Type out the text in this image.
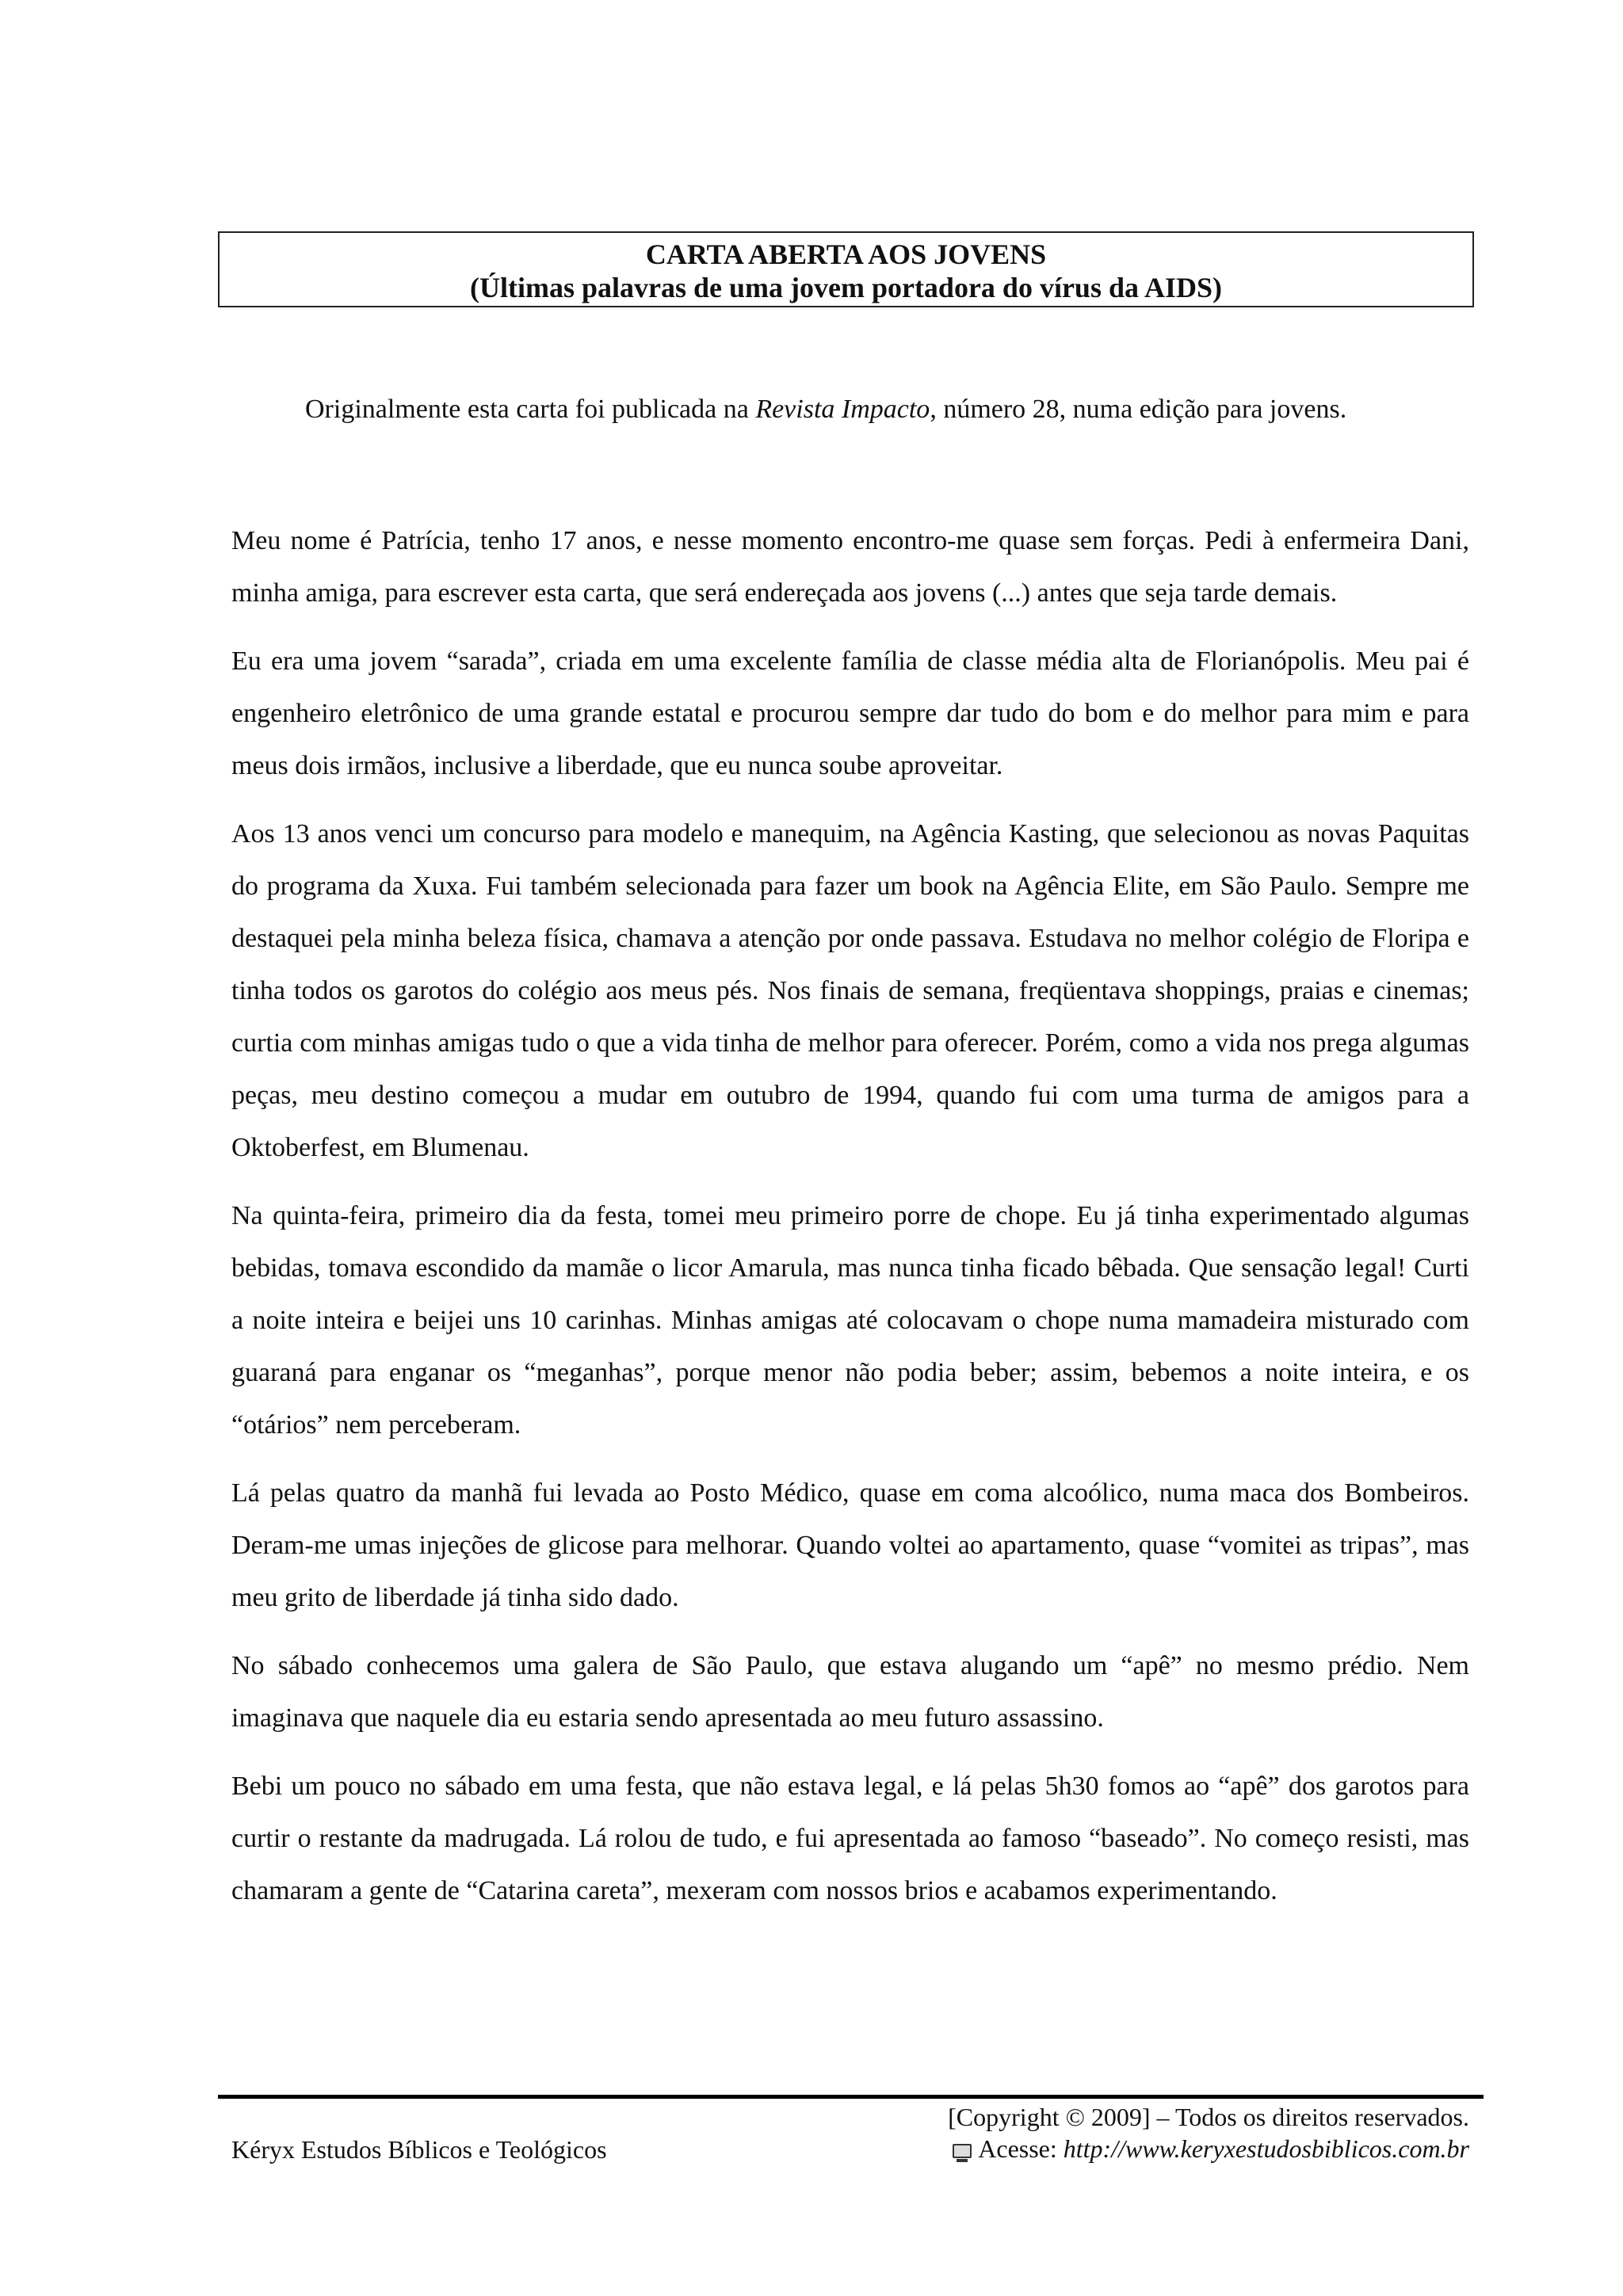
CARTA ABERTA AOS JOVENS

(Últimas palavras de uma jovem portadora do vírus da AIDS)

Originalmente esta carta foi publicada na Revista Impacto, número 28, numa edição para jovens.

Meu nome é Patrícia, tenho 17 anos, e nesse momento encontro-me quase sem forças. Pedi à enfermeira Dani, minha amiga, para escrever esta carta, que será endereçada aos jovens (...) antes que seja tarde demais.

Eu era uma jovem “sarada”, criada em uma excelente família de classe média alta de Florianópolis. Meu pai é engenheiro eletrônico de uma grande estatal e procurou sempre dar tudo do bom e do melhor para mim e para meus dois irmãos, inclusive a liberdade, que eu nunca soube aproveitar.

Aos 13 anos venci um concurso para modelo e manequim, na Agência Kasting, que selecionou as novas Paquitas do programa da Xuxa. Fui também selecionada para fazer um book na Agência Elite, em São Paulo. Sempre me destaquei pela minha beleza física, chamava a atenção por onde passava. Estudava no melhor colégio de Floripa e tinha todos os garotos do colégio aos meus pés. Nos finais de semana, freqüentava shoppings, praias e cinemas; curtia com minhas amigas tudo o que a vida tinha de melhor para oferecer. Porém, como a vida nos prega algumas peças, meu destino começou a mudar em outubro de 1994, quando fui com uma turma de amigos para a Oktoberfest, em Blumenau.

Na quinta-feira, primeiro dia da festa, tomei meu primeiro porre de chope. Eu já tinha experimentado algumas bebidas, tomava escondido da mamãe o licor Amarula, mas nunca tinha ficado bêbada. Que sensação legal! Curti a noite inteira e beijei uns 10 carinhas. Minhas amigas até colocavam o chope numa mamadeira misturado com guaraná para enganar os “meganhas”, porque menor não podia beber; assim, bebemos a noite inteira, e os “otários” nem perceberam.

Lá pelas quatro da manhã fui levada ao Posto Médico, quase em coma alcoólico, numa maca dos Bombeiros. Deram-me umas injeções de glicose para melhorar. Quando voltei ao apartamento, quase “vomitei as tripas”, mas meu grito de liberdade já tinha sido dado.

No sábado conhecemos uma galera de São Paulo, que estava alugando um “apê” no mesmo prédio. Nem imaginava que naquele dia eu estaria sendo apresentada ao meu futuro assassino.

Bebi um pouco no sábado em uma festa, que não estava legal, e lá pelas 5h30 fomos ao “apê” dos garotos para curtir o restante da madrugada. Lá rolou de tudo, e fui apresentada ao famoso “baseado”. No começo resisti, mas chamaram a gente de “Catarina careta”, mexeram com nossos brios e acabamos experimentando.

Kéryx Estudos Bíblicos e Teológicos

[Copyright © 2009] – Todos os direitos reservados.

Acesse: http://www.keryxestudosbiblicos.com.br
